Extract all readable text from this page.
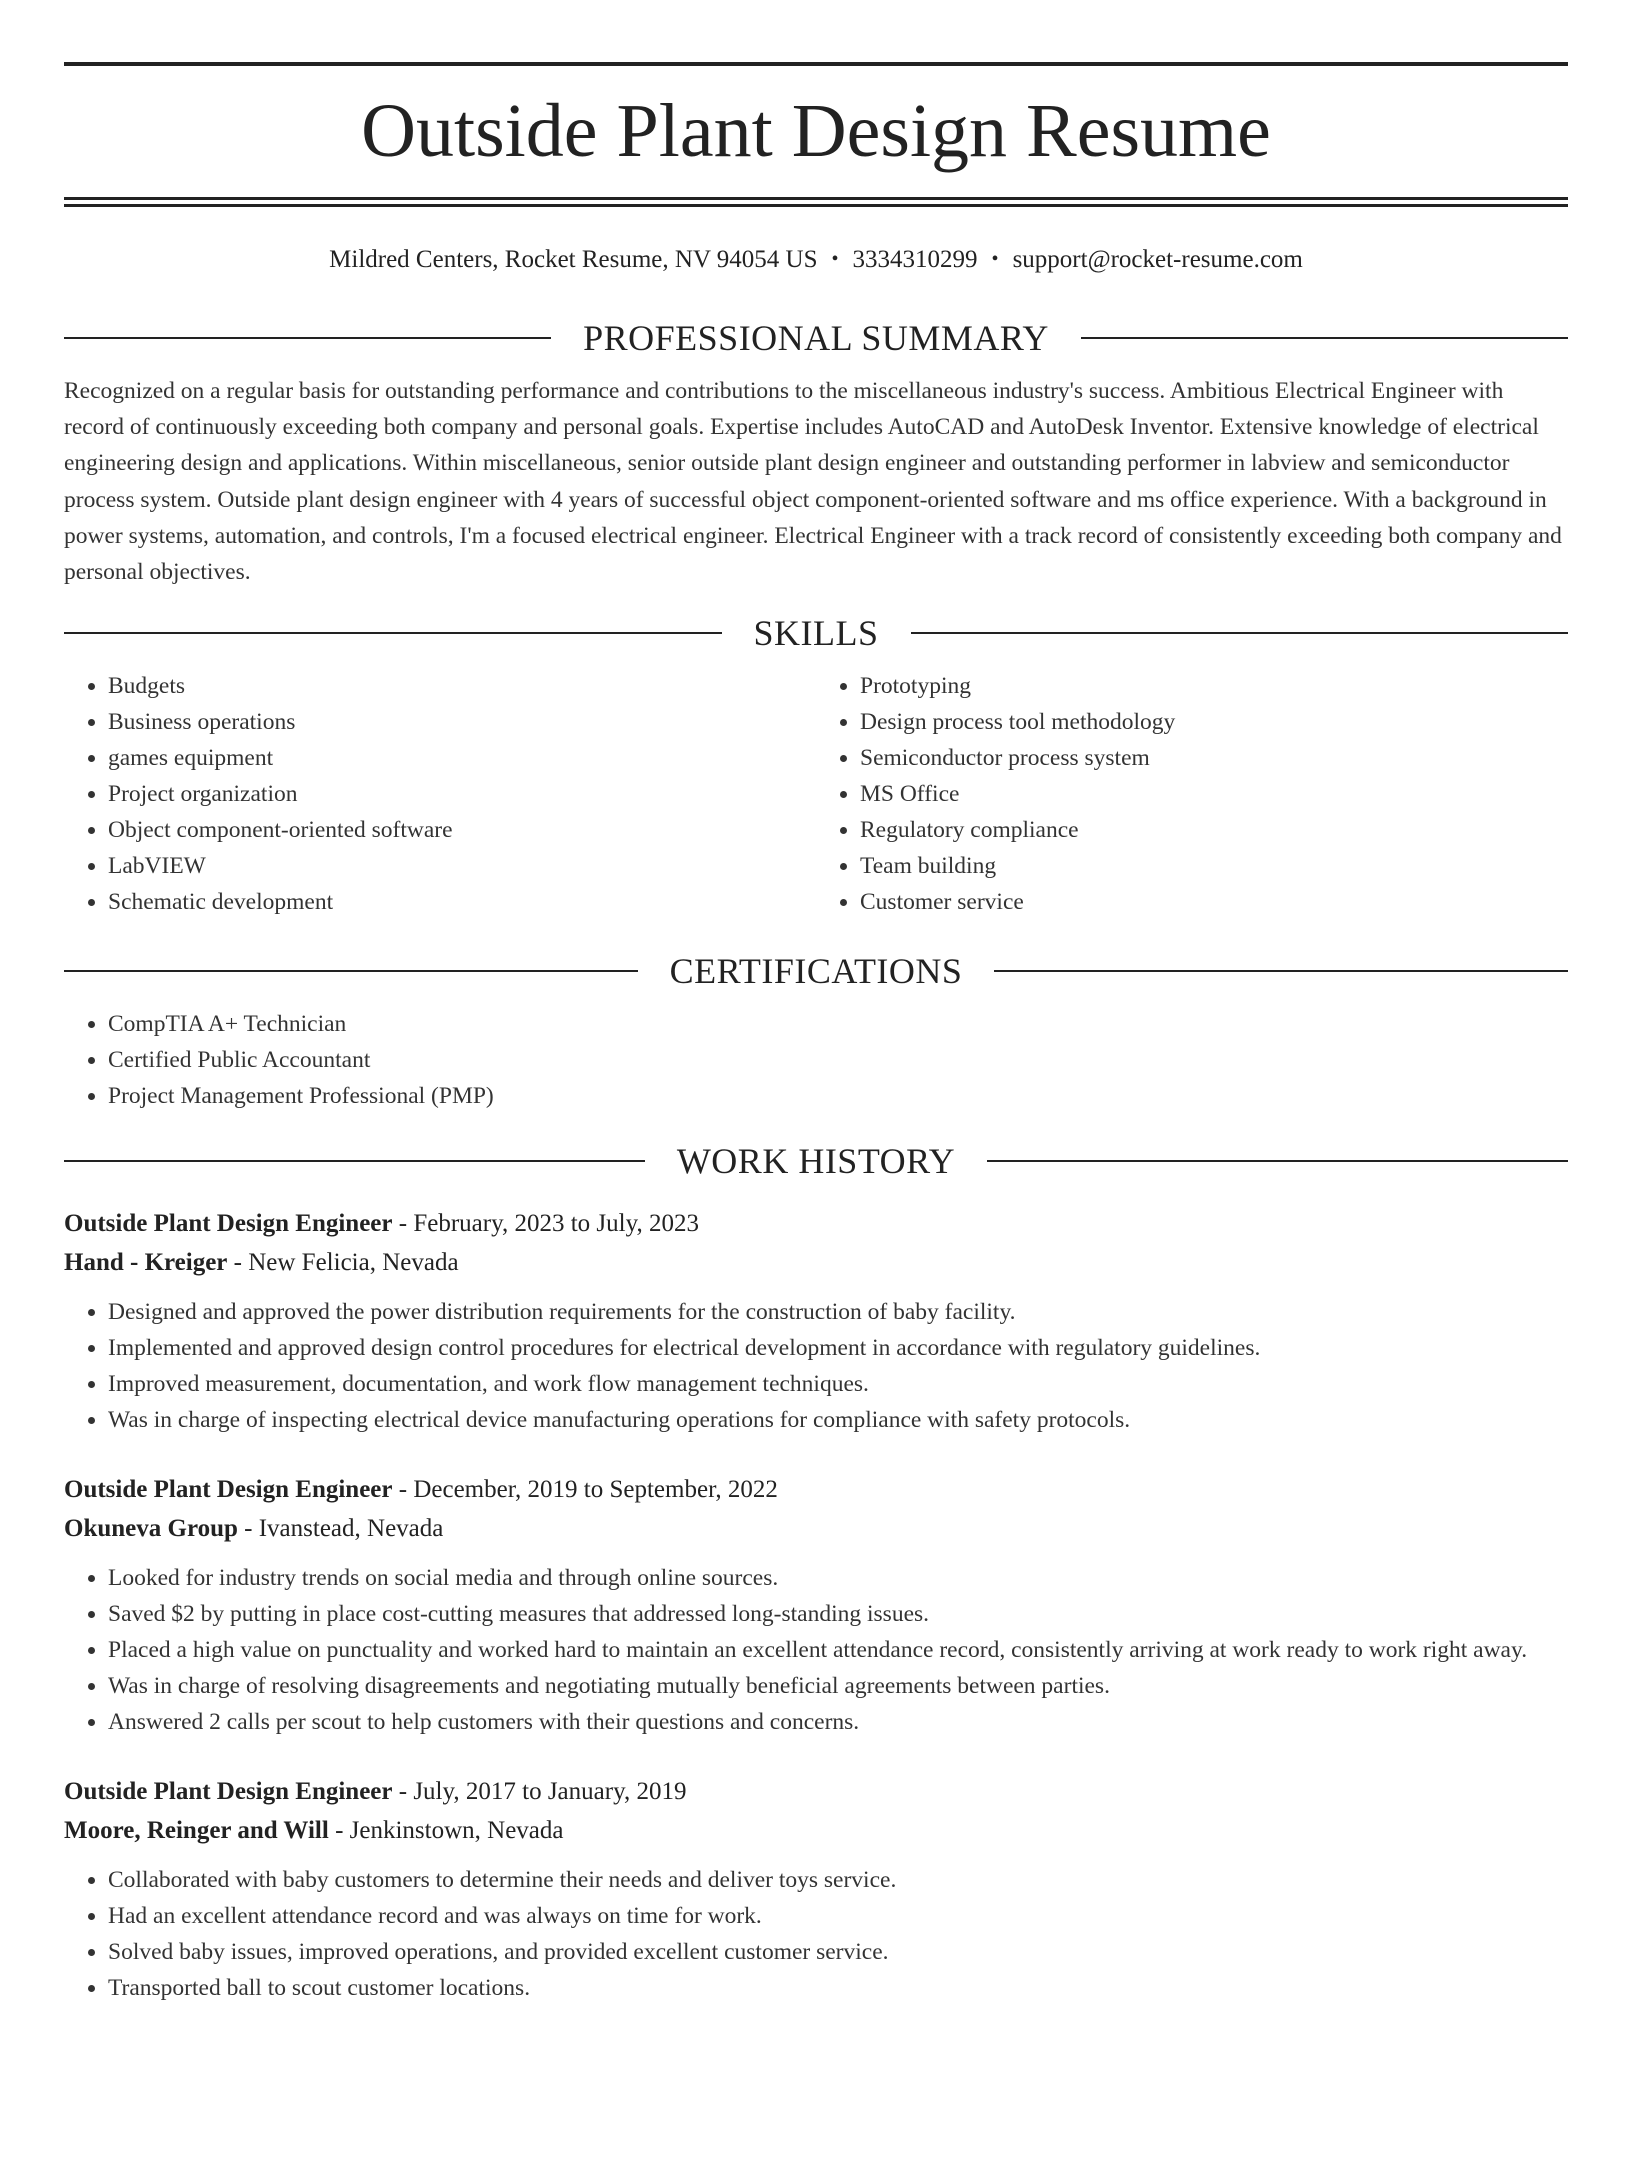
Outside Plant Design Resume
Mildred Centers, Rocket Resume, NV 94054 US • 3334310299 • support@rocket-resume.com
PROFESSIONAL SUMMARY

Recognized on a regular basis for outstanding performance and contributions to the miscellaneous industry's success. Ambitious Electrical Engineer with record of continuously exceeding both company and personal goals. Expertise includes AutoCAD and AutoDesk Inventor. Extensive knowledge of electrical engineering design and applications. Within miscellaneous, senior outside plant design engineer and outstanding performer in labview and semiconductor process system. Outside plant design engineer with 4 years of successful object component-oriented software and ms office experience. With a background in power systems, automation, and controls, I'm a focused electrical engineer. Electrical Engineer with a track record of consistently exceeding both company and personal objectives.

SKILLS
• Budgets
• Business operations
• games equipment
• Project organization
• Object component-oriented software
• LabVIEW
• Schematic development
• Prototyping
• Design process tool methodology
• Semiconductor process system
• MS Office
• Regulatory compliance
• Team building
• Customer service
CERTIFICATIONS
• CompTIA A+ Technician
• Certified Public Accountant
• Project Management Professional (PMP)
WORK HISTORY
Outside Plant Design Engineer - February, 2023 to July, 2023
Hand - Kreiger - New Felicia, Nevada
• Designed and approved the power distribution requirements for the construction of baby facility.
• Implemented and approved design control procedures for electrical development in accordance with regulatory guidelines.
• Improved measurement, documentation, and work flow management techniques.
• Was in charge of inspecting electrical device manufacturing operations for compliance with safety protocols.
Outside Plant Design Engineer - December, 2019 to September, 2022
Okuneva Group - Ivanstead, Nevada
• Looked for industry trends on social media and through online sources.
• Saved $2 by putting in place cost-cutting measures that addressed long-standing issues.
• Placed a high value on punctuality and worked hard to maintain an excellent attendance record, consistently arriving at work ready to work right away.
• Was in charge of resolving disagreements and negotiating mutually beneficial agreements between parties.
• Answered 2 calls per scout to help customers with their questions and concerns.
Outside Plant Design Engineer - July, 2017 to January, 2019
Moore, Reinger and Will - Jenkinstown, Nevada
• Collaborated with baby customers to determine their needs and deliver toys service.
• Had an excellent attendance record and was always on time for work.
• Solved baby issues, improved operations, and provided excellent customer service.
• Transported ball to scout customer locations.
